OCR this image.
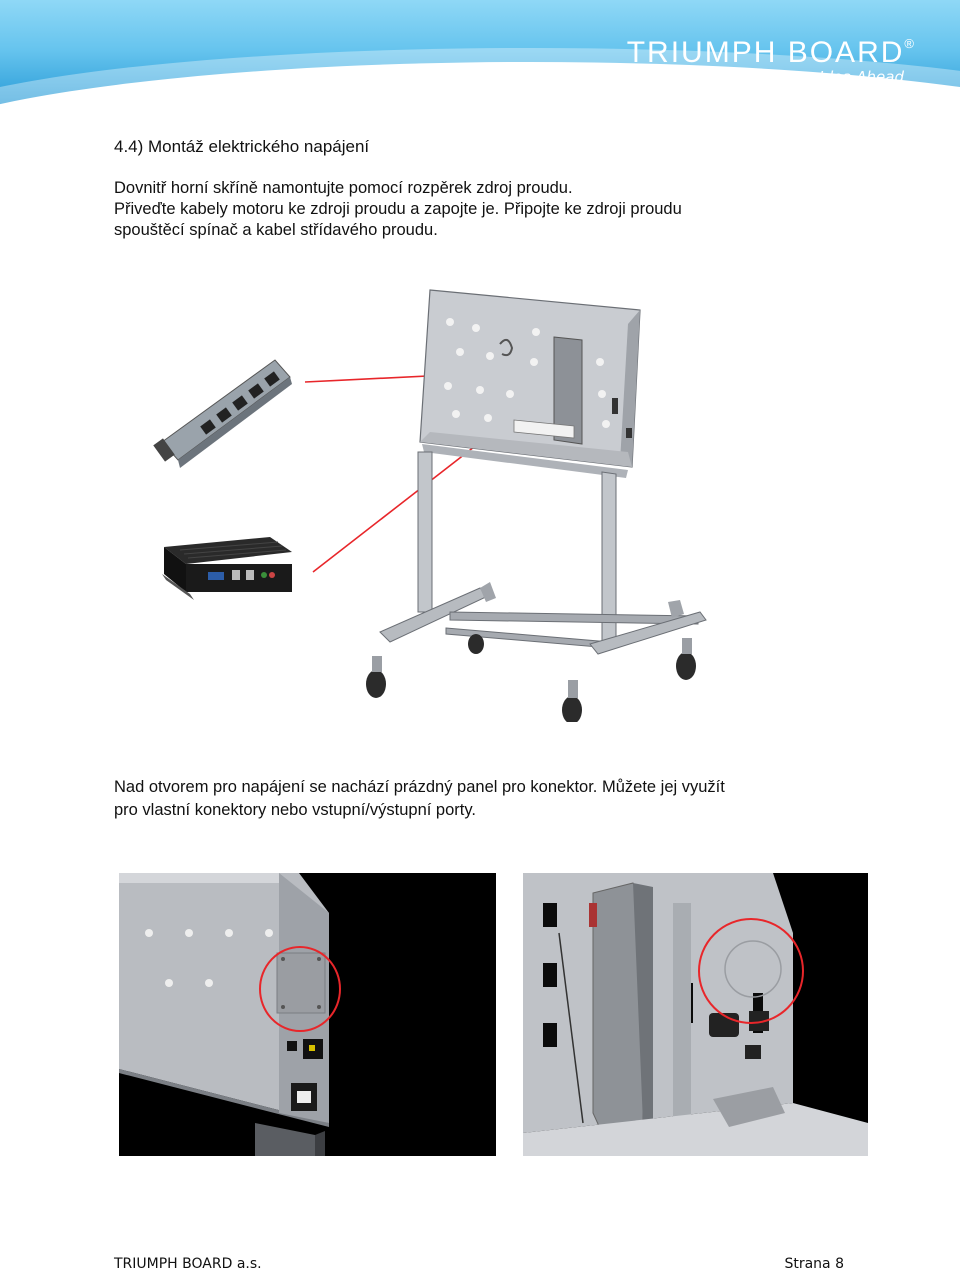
TRIUMPH BOARD®
One Idea Ahead
4.4) Montáž elektrického napájení
Dovnitř horní skříně namontujte pomocí rozpěrek zdroj proudu.
Přiveďte kabely motoru ke zdroji proudu a zapojte je. Připojte ke zdroji proudu
spouštěcí spínač a kabel střídavého proudu.
Nad otvorem pro napájení se nachází prázdný panel pro konektor. Můžete jej využít
pro vlastní konektory nebo vstupní/výstupní porty.
TRIUMPH BOARD a.s.	Strana 8
